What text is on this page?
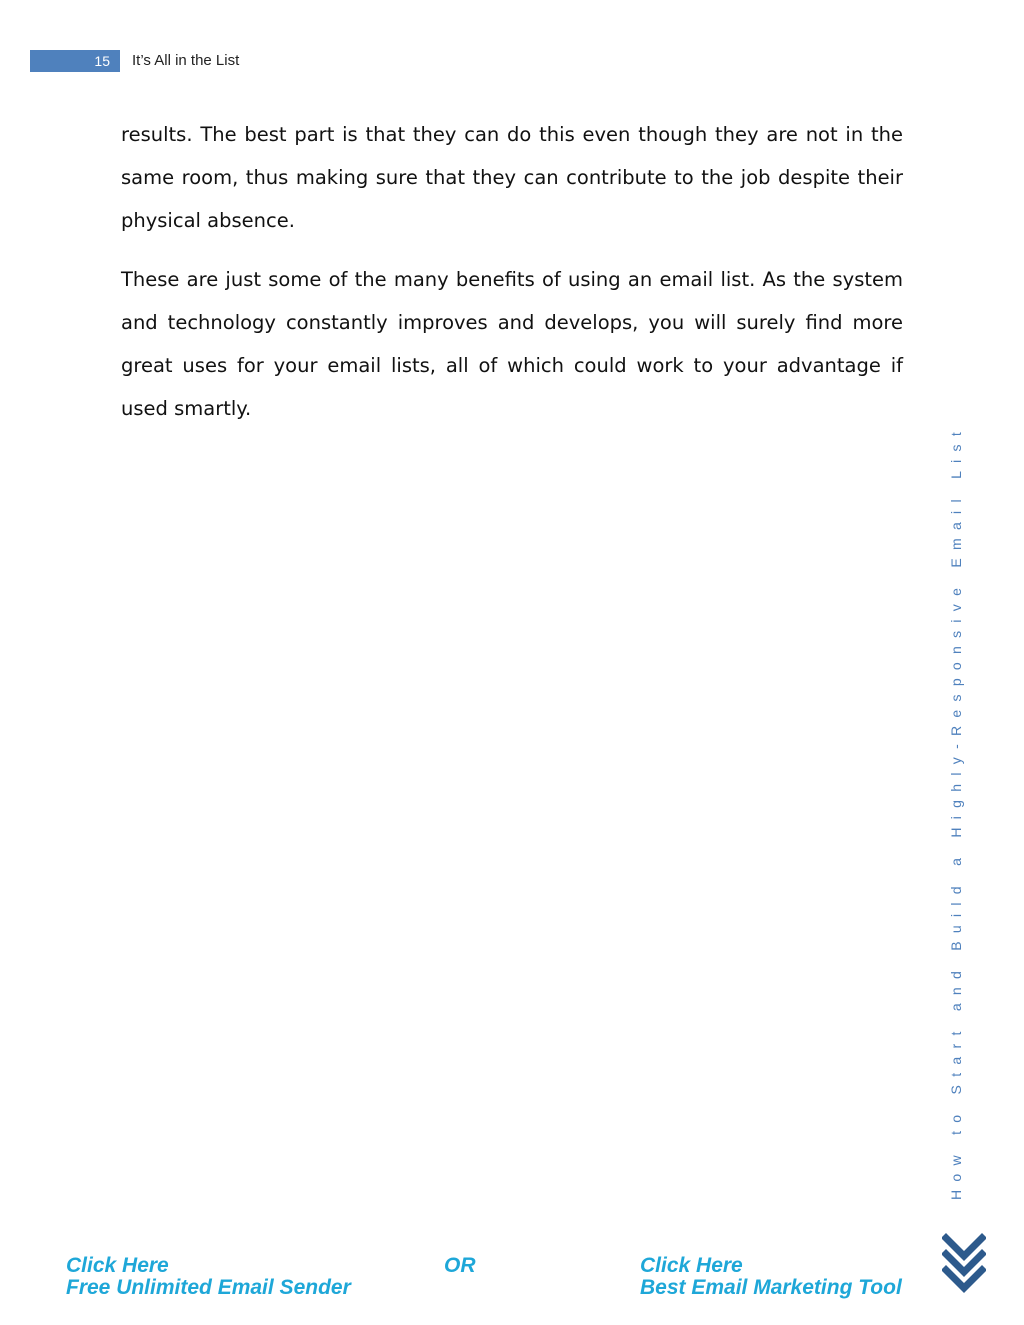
15 It’s All in the List

results. The best part is that they can do this even though they are not in the same room, thus making sure that they can contribute to the job despite their physical absence.

These are just some of the many benefits of using an email list. As the system and technology constantly improves and develops, you will surely find more great uses for your email lists, all of which could work to your advantage if used smartly.

How to Start and Build a Highly-Responsive Email List
Click Here
Free Unlimited Email Sender
OR	Click Here
Best Email Marketing Tool
